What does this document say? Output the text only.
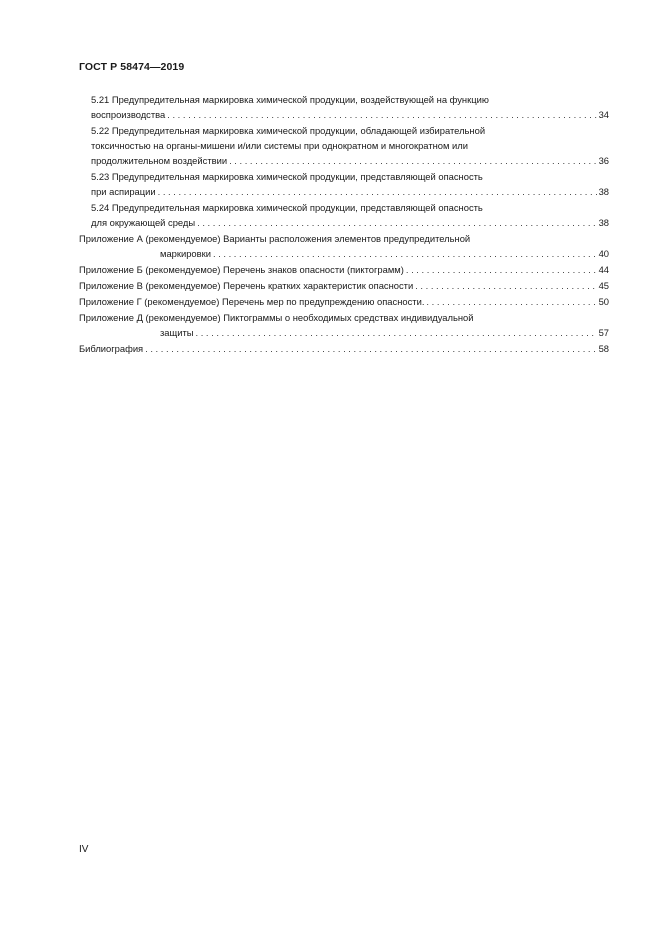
ГОСТ Р 58474—2019
5.21 Предупредительная маркировка химической продукции, воздействующей на функцию
воспроизводства . . .	34
5.22 Предупредительная маркировка химической продукции, обладающей избирательной
токсичностью на органы-мишени и/или системы при однократном и многократном или
продолжительном воздействии . . .	36
5.23 Предупредительная маркировка химической продукции, представляющей опасность
при аспирации . . .	38
5.24 Предупредительная маркировка химической продукции, представляющей опасность
для окружающей среды . . .	38
Приложение А (рекомендуемое) Варианты расположения элементов предупредительной
маркировки . . .	40
Приложение Б (рекомендуемое) Перечень знаков опасности (пиктограмм) . . .	44
Приложение В (рекомендуемое) Перечень кратких характеристик опасности . . .	45
Приложение Г (рекомендуемое) Перечень мер по предупреждению опасности. . . .	50
Приложение Д (рекомендуемое) Пиктограммы о необходимых средствах индивидуальной
защиты . . .	57
Библиография . . .	58
IV
